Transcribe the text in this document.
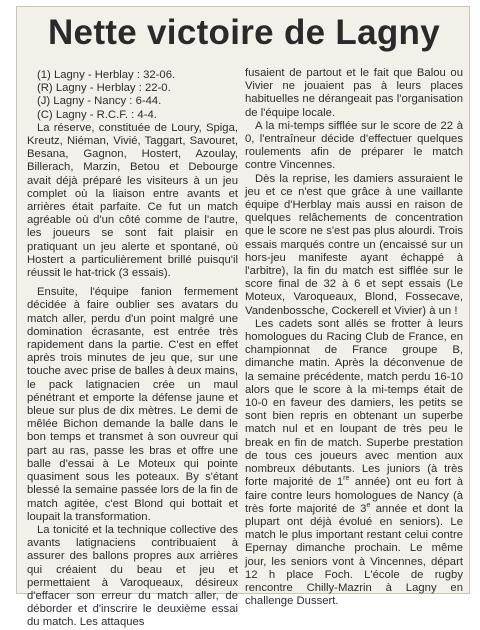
Nette victoire de Lagny
(1) Lagny - Herblay : 32-06.
(R) Lagny - Herblay : 22-0.
(J) Lagny - Nancy : 6-44.
(C) Lagny - R.C.F. : 4-4.

La réserve, constituée de Loury, Spiga, Kreutz, Niéman, Vivié, Taggart, Savouret, Besana, Gagnon, Hostert, Azoulay, Billerach, Marzin, Betou et Debourge avait déjà préparé les visiteurs à un jeu complet où la liaison entre avants et arrières était parfaite. Ce fut un match agréable où d'un côté comme de l'autre, les joueurs se sont fait plaisir en pratiquant un jeu alerte et spontané, où Hostert a particulièrement brillé puisqu'il réussit le hat-trick (3 essais).

Ensuite, l'équipe fanion fermement décidée à faire oublier ses avatars du match aller, perdu d'un point malgré une domination écrasante, est entrée très rapidement dans la partie. C'est en effet après trois minutes de jeu que, sur une touche avec prise de balles à deux mains, le pack latignacien crée un maul pénétrant et emporte la défense jaune et bleue sur plus de dix mètres. Le demi de mêlée Bichon demande la balle dans le bon temps et transmet à son ouvreur qui part au ras, passe les bras et offre une balle d'essai à Le Moteux qui pointe quasiment sous les poteaux. By s'étant blessé la semaine passée lors de la fin de match agitée, c'est Blond qui bottait et loupait la transformation.

La tonicité et la technique collective des avants latignaciens contribuaient à assurer des ballons propres aux arrières qui créaient du beau et jeu et permettaient à Varoqueaux, désireux d'effacer son erreur du match aller, de déborder et d'inscrire le deuxième essai du match. Les attaques

fusaient de partout et le fait que Balou ou Vivier ne jouaient pas à leurs places habituelles ne dérangeait pas l'organisation de l'équipe locale.

A la mi-temps sifflée sur le score de 22 à 0, l'entraîneur décide d'effectuer quelques roulements afin de préparer le match contre Vincennes.

Dès la reprise, les damiers assuraient le jeu et ce n'est que grâce à une vaillante équipe d'Herblay mais aussi en raison de quelques relâchements de concentration que le score ne s'est pas plus alourdi. Trois essais marqués contre un (encaissé sur un hors-jeu manifeste ayant échappé à l'arbitre), la fin du match est sifflée sur le score final de 32 à 6 et sept essais (Le Moteux, Varoqueaux, Blond, Fossecave, Vandenbossche, Cockerell et Vivier) à un !

Les cadets sont allés se frotter à leurs homologues du Racing Club de France, en championnat de France groupe B, dimanche matin. Après la déconvenue de la semaine précédente, match perdu 16-10 alors que le score à la mi-temps était de 10-0 en faveur des damiers, les petits se sont bien repris en obtenant un superbe match nul et en loupant de très peu le break en fin de match. Superbe prestation de tous ces joueurs avec mention aux nombreux débutants. Les juniors (à très forte majorité de 1re année) ont eu fort à faire contre leurs homologues de Nancy (à très forte majorité de 3e année et dont la plupart ont déjà évolué en seniors). Le match le plus important restant celui contre Epernay dimanche prochain. Le même jour, les seniors vont à Vincennes, départ 12 h place Foch. L'école de rugby rencontre Chilly-Mazrin à Lagny en challenge Dussert.
